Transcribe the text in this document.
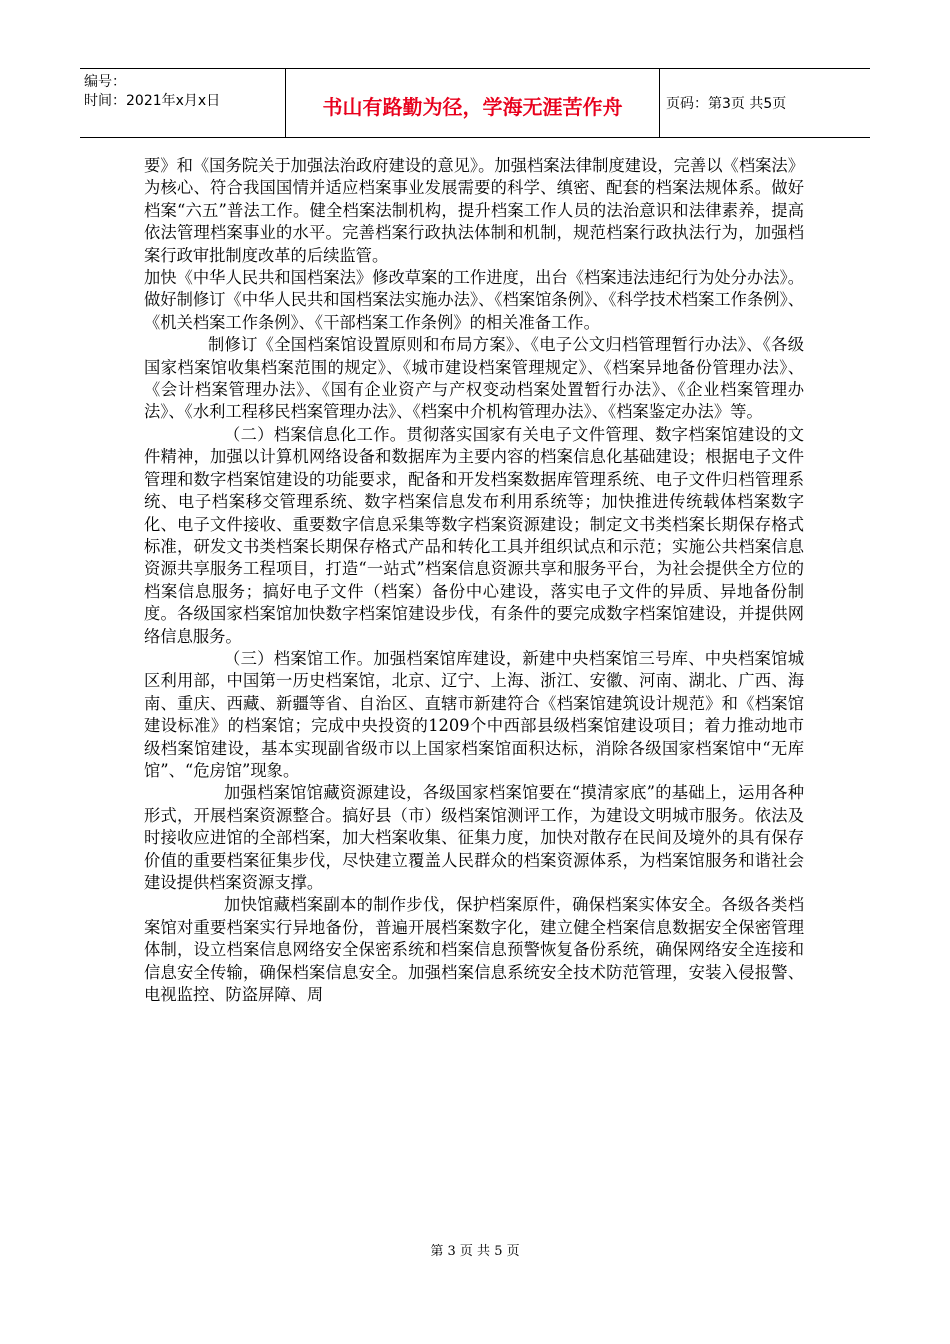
编号：
时间：2021年x月x日	书山有路勤为径，学海无涯苦作舟	页码：第3页 共5页

要》和《国务院关于加强法治政府建设的意见》。加强档案法律制度建设，完善以《档案法》为核心、符合我国国情并适应档案事业发展需要的科学、缜密、配套的档案法规体系。做好档案“六五”普法工作。健全档案法制机构，提升档案工作人员的法治意识和法律素养，提高依法管理档案事业的水平。完善档案行政执法体制和机制，规范档案行政执法行为，加强档案行政审批制度改革的后续监管。

加快《中华人民共和国档案法》修改草案的工作进度，出台《档案违法违纪行为处分办法》。做好制修订《中华人民共和国档案法实施办法》、《档案馆条例》、《科学技术档案工作条例》、《机关档案工作条例》、《干部档案工作条例》的相关准备工作。

制修订《全国档案馆设置原则和布局方案》、《电子公文归档管理暂行办法》、《各级国家档案馆收集档案范围的规定》、《城市建设档案管理规定》、《档案异地备份管理办法》、《会计档案管理办法》、《国有企业资产与产权变动档案处置暂行办法》、《企业档案管理办法》、《水利工程移民档案管理办法》、《档案中介机构管理办法》、《档案鉴定办法》等。

（二）档案信息化工作。贯彻落实国家有关电子文件管理、数字档案馆建设的文件精神，加强以计算机网络设备和数据库为主要内容的档案信息化基础建设；根据电子文件管理和数字档案馆建设的功能要求，配备和开发档案数据库管理系统、电子文件归档管理系统、电子档案移交管理系统、数字档案信息发布利用系统等；加快推进传统载体档案数字化、电子文件接收、重要数字信息采集等数字档案资源建设；制定文书类档案长期保存格式标准，研发文书类档案长期保存格式产品和转化工具并组织试点和示范；实施公共档案信息资源共享服务工程项目，打造“一站式”档案信息资源共享和服务平台，为社会提供全方位的档案信息服务；搞好电子文件（档案）备份中心建设，落实电子文件的异质、异地备份制度。各级国家档案馆加快数字档案馆建设步伐，有条件的要完成数字档案馆建设，并提供网络信息服务。

（三）档案馆工作。加强档案馆库建设，新建中央档案馆三号库、中央档案馆城区利用部，中国第一历史档案馆，北京、辽宁、上海、浙江、安徽、河南、湖北、广西、海南、重庆、西藏、新疆等省、自治区、直辖市新建符合《档案馆建筑设计规范》和《档案馆建设标准》的档案馆；完成中央投资的1209个中西部县级档案馆建设项目；着力推动地市级档案馆建设，基本实现副省级市以上国家档案馆面积达标，消除各级国家档案馆中“无库馆”、“危房馆”现象。

加强档案馆馆藏资源建设，各级国家档案馆要在“摸清家底”的基础上，运用各种形式，开展档案资源整合。搞好县（市）级档案馆测评工作，为建设文明城市服务。依法及时接收应进馆的全部档案，加大档案收集、征集力度，加快对散存在民间及境外的具有保存价值的重要档案征集步伐，尽快建立覆盖人民群众的档案资源体系，为档案馆服务和谐社会建设提供档案资源支撑。

加快馆藏档案副本的制作步伐，保护档案原件，确保档案实体安全。各级各类档案馆对重要档案实行异地备份，普遍开展档案数字化，建立健全档案信息数据安全保密管理体制，设立档案信息网络安全保密系统和档案信息预警恢复备份系统，确保网络安全连接和信息安全传输，确保档案信息安全。加强档案信息系统安全技术防范管理，安装入侵报警、电视监控、防盗屏障、周

第 3 页 共 5 页
